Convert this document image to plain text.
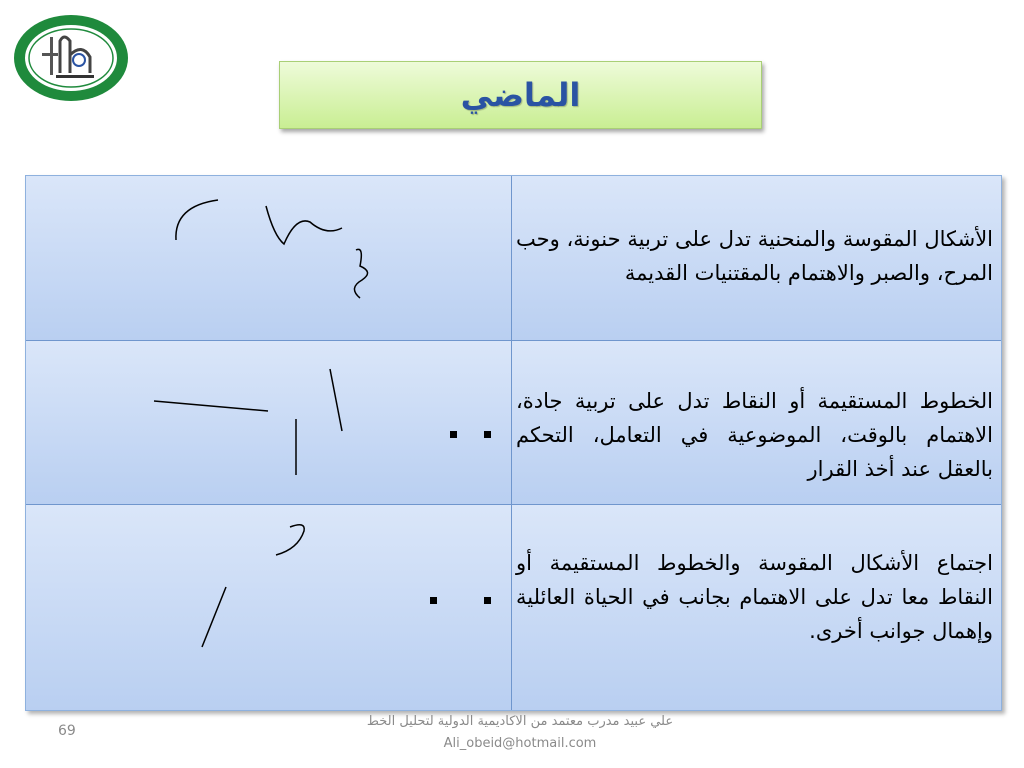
الماضي
الأشكال المقوسة والمنحنية تدل على تربية حنونة، وحب المرح، والصبر والاهتمام بالمقتنيات القديمة
الخطوط المستقيمة أو النقاط تدل على تربية جادة، الاهتمام بالوقت، الموضوعية في التعامل، التحكم بالعقل عند أخذ القرار
اجتماع الأشكال المقوسة والخطوط المستقيمة أو النقاط معا تدل على الاهتمام بجانب في الحياة العائلية وإهمال جوانب أخرى.
69
علي عبيد مدرب معتمد من الاكاديمية الدولية لتحليل الخط
Ali_obeid@hotmail.com
